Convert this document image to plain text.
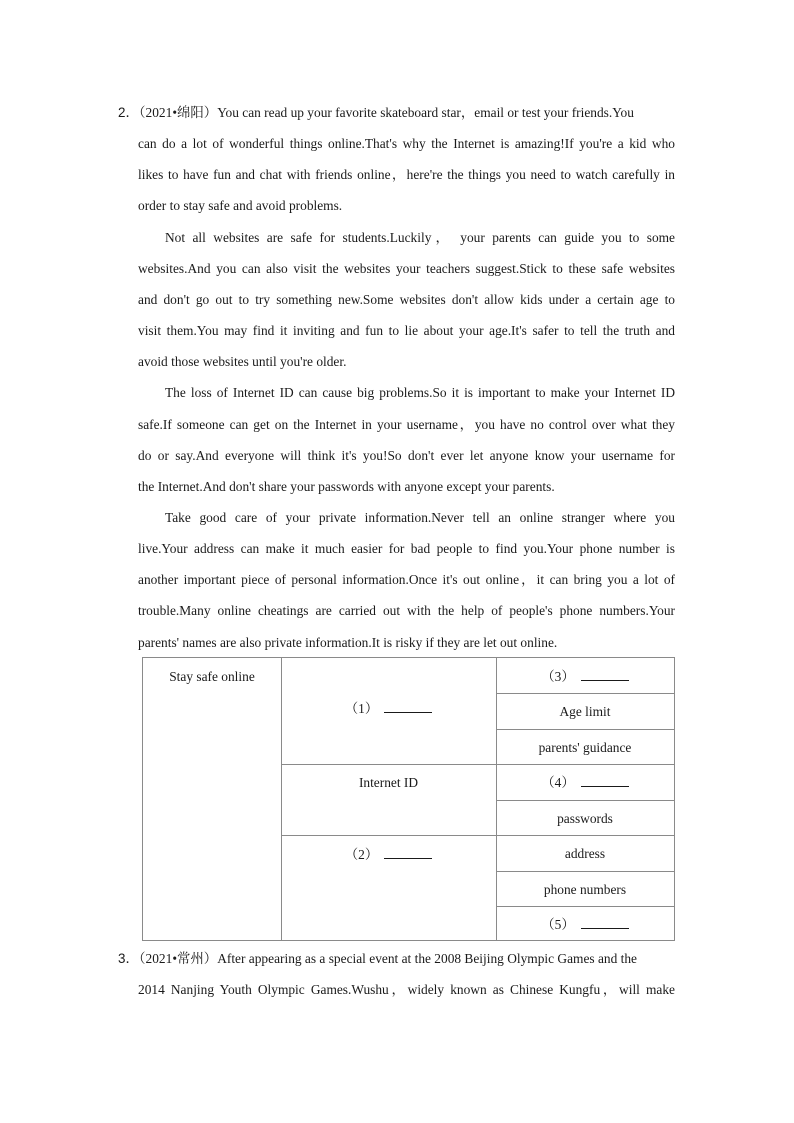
2．（2021•绵阳）You can read up your favorite skateboard star，email or test your friends.You
can do a lot of wonderful things online.That's why the Internet is amazing!If you're a kid who
likes to have fun and chat with friends online，here're the things you need to watch carefully in
order to stay safe and avoid problems.
Not all websites are safe for students.Luckily， your parents can guide you to some
websites.And you can also visit the websites your teachers suggest.Stick to these safe websites
and don't go out to try something new.Some websites don't allow kids under a certain age to
visit them.You may find it inviting and fun to lie about your age.It's safer to tell the truth and
avoid those websites until you're older.
The loss of Internet ID can cause big problems.So it is important to make your Internet ID
safe.If someone can get on the Internet in your username，you have no control over what they
do or say.And everyone will think it's you!So don't ever let anyone know your username for
the Internet.And don't share your passwords with anyone except your parents.
Take good care of your private information.Never tell an online stranger where you
live.Your address can make it much easier for bad people to find you.Your phone number is
another important piece of personal information.Once it's out online，it can bring you a lot of
trouble.Many online cheatings are carried out with the help of people's phone numbers.Your
parents' names are also private information.It is risky if they are let out online.
Stay safe online
（1）
Internet ID
（2）
（3）
Age limit
parents' guidance
（4）
passwords
address
phone numbers
（5）
3．（2021•常州）After appearing as a special event at the 2008 Beijing Olympic Games and the
2014 Nanjing Youth Olympic Games.Wushu，widely known as Chinese Kungfu，will make
